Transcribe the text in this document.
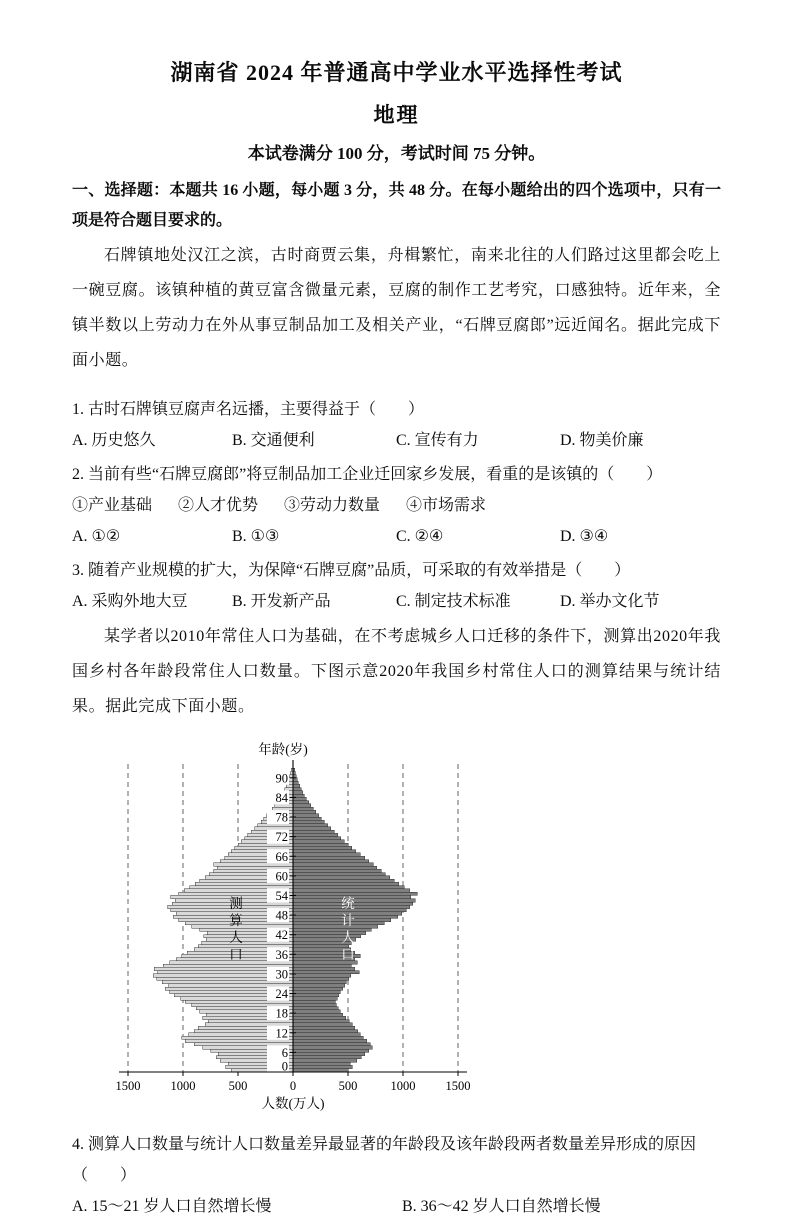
湖南省 2024 年普通高中学业水平选择性考试
地理
本试卷满分 100 分，考试时间 75 分钟。
一、选择题：本题共 16 小题，每小题 3 分，共 48 分。在每小题给出的四个选项中，只有一项是符合题目要求的。

石牌镇地处汉江之滨，古时商贾云集，舟楫繁忙，南来北往的人们路过这里都会吃上一碗豆腐。该镇种植的黄豆富含微量元素，豆腐的制作工艺考究，口感独特。近年来，全镇半数以上劳动力在外从事豆制品加工及相关产业，“石牌豆腐郎”远近闻名。据此完成下面小题。

1. 古时石牌镇豆腐声名远播，主要得益于（　　）
A. 历史悠久	B. 交通便利	C. 宣传有力	D. 物美价廉
2. 当前有些“石牌豆腐郎”将豆制品加工企业迁回家乡发展，看重的是该镇的（　　）
①产业基础 ②人才优势 ③劳动力数量 ④市场需求
A. ①②	B. ①③	C. ②④	D. ③④
3. 随着产业规模的扩大，为保障“石牌豆腐”品质，可采取的有效举措是（　　）
A. 采购外地大豆	B. 开发新产品	C. 制定技术标准	D. 举办文化节

某学者以2010年常住人口为基础，在不考虑城乡人口迁移的条件下，测算出2020年我国乡村各年龄段常住人口数量。下图示意2020年我国乡村常住人口的测算结果与统计结果。据此完成下面小题。

1500 1000	500	0	500	1000 1500
0
6
12
18
24
30
36
42
48
54
60
66
72
78
84
90
年龄(岁)
人数(万人)
测算人口
统计人口
4. 测算人口数量与统计人口数量差异最显著的年龄段及该年龄段两者数量差异形成的原因（　　）
A. 15～21 岁人口自然增长慢	B. 36～42 岁人口自然增长慢
